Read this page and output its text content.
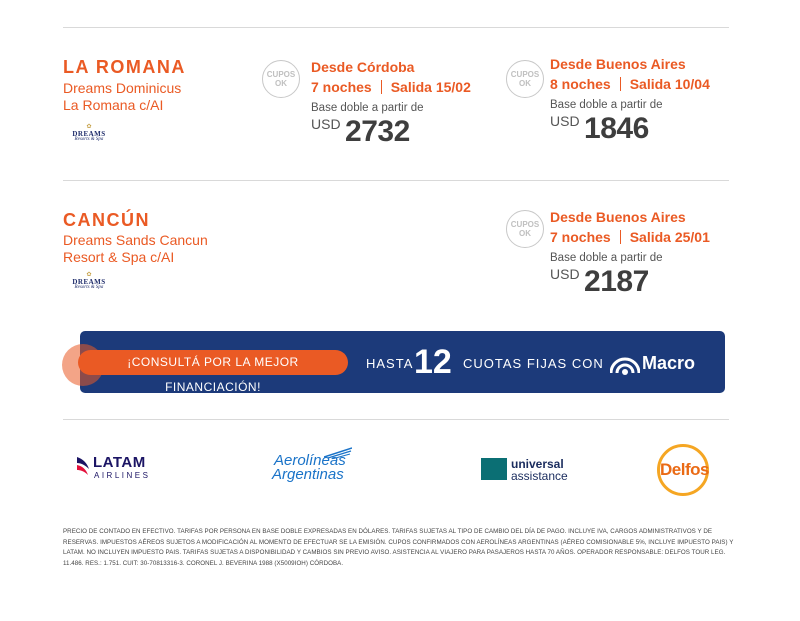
LA ROMANA
Dreams Dominicus
La Romana c/AI
✿
DREAMS
Resorts & Spa
CUPOS
OK
Desde Córdoba
7 noches Salida 15/02
Base doble a partir de
USD 2732
CUPOS
OK
Desde Buenos Aires
8 noches Salida 10/04
Base doble a partir de
USD 1846
CANCÚN
Dreams Sands Cancun
Resort & Spa c/AI
✿
DREAMS
Resorts & Spa
CUPOS
OK
Desde Buenos Aires
7 noches Salida 25/01
Base doble a partir de
USD 2187
¡CONSULTÁ POR LA MEJOR FINANCIACIÓN!
HASTA 12 CUOTAS FIJAS CON Macro
LATAM
AIRLINES
Aerolíneas
Argentinas
universal
assistance	Delfos
PRECIO DE CONTADO EN EFECTIVO. TARIFAS POR PERSONA EN BASE DOBLE EXPRESADAS EN DÓLARES. TARIFAS SUJETAS AL TIPO DE CAMBIO DEL DÍA DE PAGO. INCLUYE IVA, CARGOS ADMINISTRATIVOS Y DE RESERVAS. IMPUESTOS AÉREOS SUJETOS A MODIFICACIÓN AL MOMENTO DE EFECTUAR SE LA EMISIÓN. CUPOS CONFIRMADOS CON AEROLÍNEAS ARGENTINAS (AÉREO COMISIONABLE 5%, INCLUYE IMPUESTO PAIS) Y LATAM. NO INCLUYEN IMPUESTO PAIS. TARIFAS SUJETAS A DISPONIBILIDAD Y CAMBIOS SIN PREVIO AVISO. ASISTENCIA AL VIAJERO PARA PASAJEROS HASTA 70 AÑOS. OPERADOR RESPONSABLE: DELFOS TOUR LEG. 11.486. RES.: 1.751. CUIT: 30-70813316-3. CORONEL J. BEVERINA 1988 (X5009IOH) CÓRDOBA.
